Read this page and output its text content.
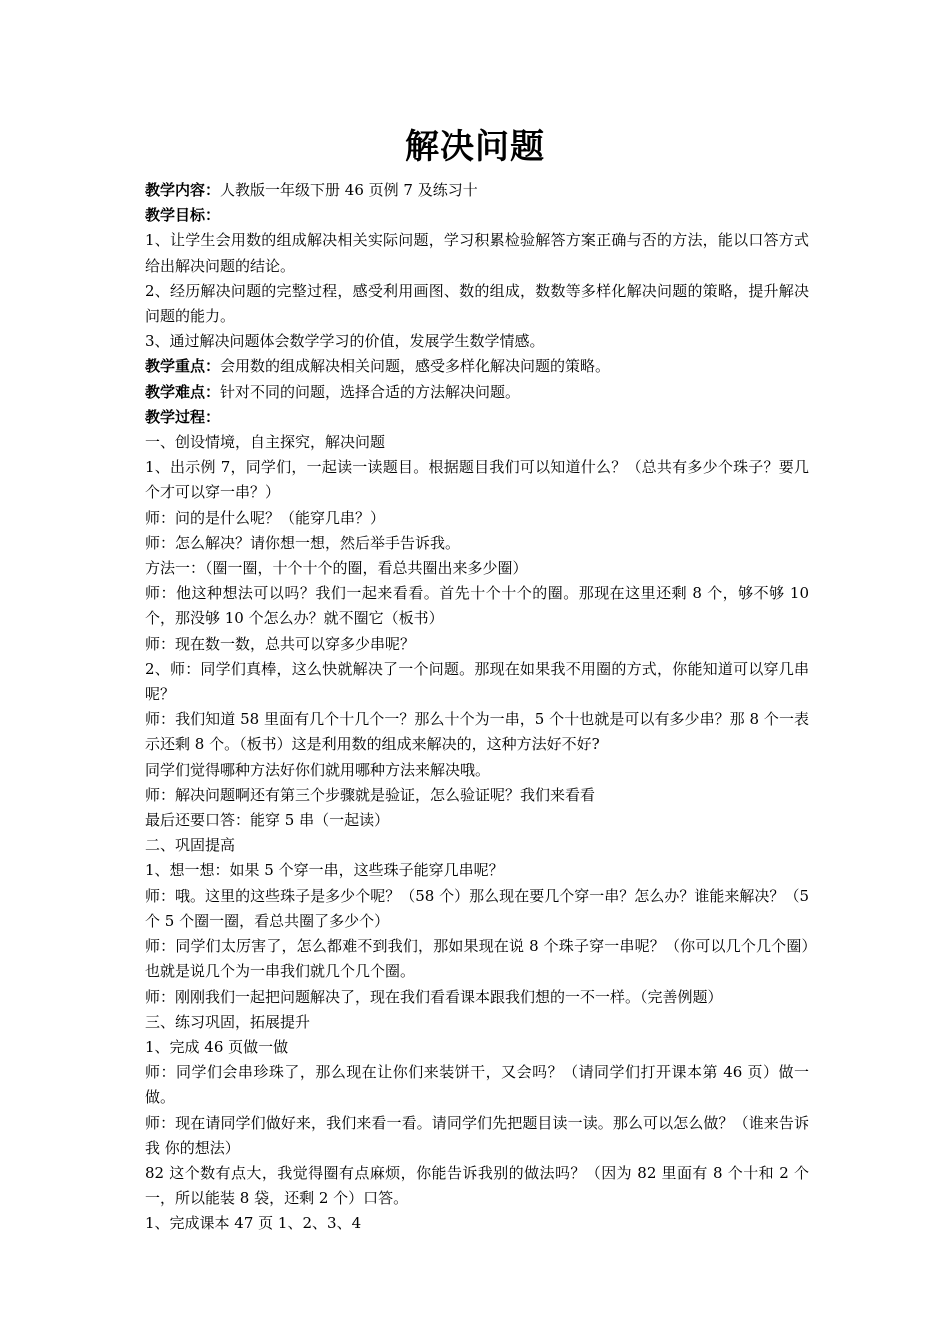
解决问题

教学内容：人教版一年级下册 46 页例 7 及练习十

教学目标：

1、让学生会用数的组成解决相关实际问题，学习积累检验解答方案正确与否的方法，能以口答方式给出解决问题的结论。

2、经历解决问题的完整过程，感受利用画图、数的组成，数数等多样化解决问题的策略，提升解决问题的能力。

3、通过解决问题体会数学学习的价值，发展学生数学情感。

教学重点：会用数的组成解决相关问题，感受多样化解决问题的策略。

教学难点：针对不同的问题，选择合适的方法解决问题。

教学过程：

一、创设情境，自主探究，解决问题

1、出示例 7，同学们，一起读一读题目。根据题目我们可以知道什么？（总共有多少个珠子？要几个才可以穿一串？）

师：问的是什么呢？（能穿几串？）

师：怎么解决？请你想一想，然后举手告诉我。

方法一：（圈一圈，十个十个的圈，看总共圈出来多少圈）

师：他这种想法可以吗？我们一起来看看。首先十个十个的圈。那现在这里还剩 8 个，够不够 10 个，那没够 10 个怎么办？就不圈它（板书）

师：现在数一数，总共可以穿多少串呢？

2、师：同学们真棒，这么快就解决了一个问题。那现在如果我不用圈的方式，你能知道可以穿几串呢？

师：我们知道 58 里面有几个十几个一？那么十个为一串，5 个十也就是可以有多少串？那 8 个一表示还剩 8 个。（板书）这是利用数的组成来解决的，这种方法好不好?

同学们觉得哪种方法好你们就用哪种方法来解决哦。

师：解决问题啊还有第三个步骤就是验证，怎么验证呢？我们来看看

最后还要口答：能穿 5 串（一起读）

二、巩固提高

1、想一想：如果 5 个穿一串，这些珠子能穿几串呢？

师：哦。这里的这些珠子是多少个呢？（58 个）那么现在要几个穿一串？怎么办？谁能来解决？（5 个 5 个圈一圈，看总共圈了多少个）

师：同学们太厉害了，怎么都难不到我们，那如果现在说 8 个珠子穿一串呢？（你可以几个几个圈）也就是说几个为一串我们就几个几个圈。

师：刚刚我们一起把问题解决了，现在我们看看课本跟我们想的一不一样。（完善例题）

三、练习巩固，拓展提升

1、完成 46 页做一做

师：同学们会串珍珠了，那么现在让你们来装饼干，又会吗？（请同学们打开课本第 46 页）做一做。

师：现在请同学们做好来，我们来看一看。请同学们先把题目读一读。那么可以怎么做？（谁来告诉我 你的想法）

82 这个数有点大，我觉得圈有点麻烦，你能告诉我别的做法吗？（因为 82 里面有 8 个十和 2 个一，所以能装 8 袋，还剩 2 个）口答。

1、完成课本 47 页 1、2、3、4
